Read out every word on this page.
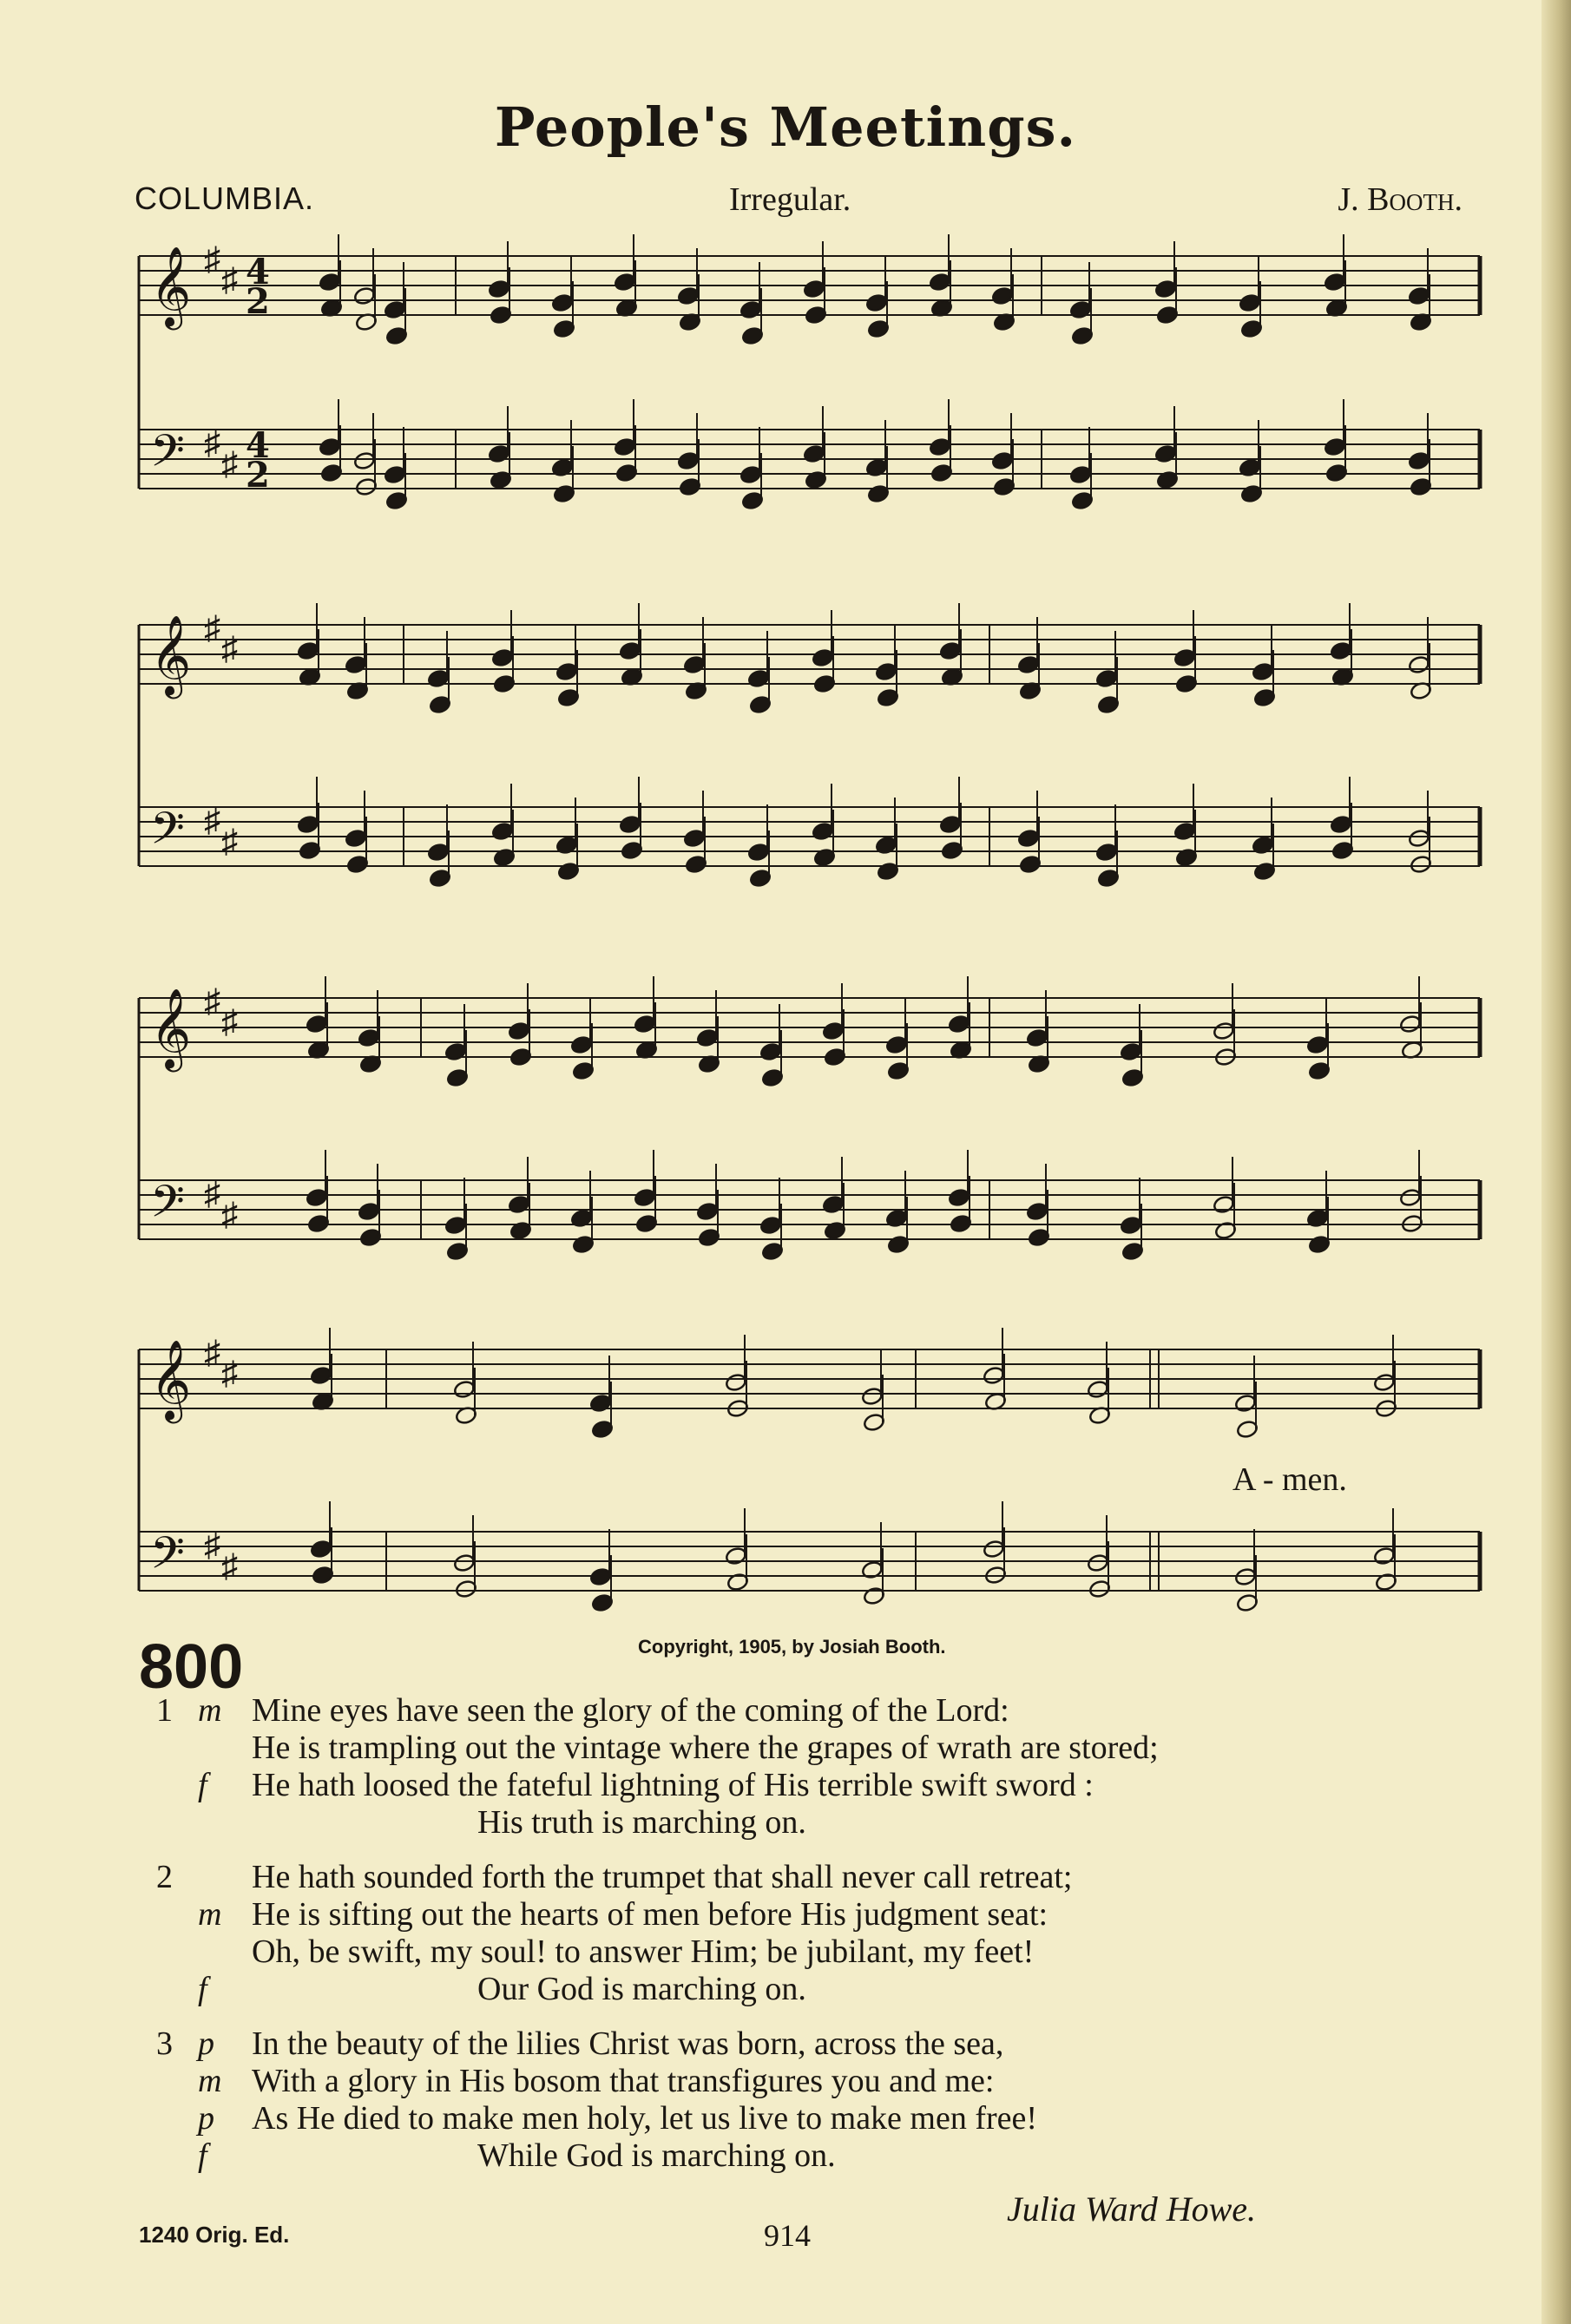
People's Meetings.
COLUMBIA.	Irregular.	J. Booth.
𝄞
𝄢
♯
♯
♯
♯
4
2
4
2
𝄞
𝄢
♯
♯
♯
♯
𝄞
𝄢
♯
♯
♯
♯
𝄞
𝄢
♯
♯
♯
♯
A - men.
800	Copyright, 1905, by Josiah Booth.
1 m Mine eyes have seen the glory of the coming of the Lord:
He is trampling out the vintage where the grapes of wrath are stored;
f He hath loosed the fateful lightning of His terrible swift sword :
His truth is marching on.
2 He hath sounded forth the trumpet that shall never call retreat;
m He is sifting out the hearts of men before His judgment seat:
Oh, be swift, my soul! to answer Him; be jubilant, my feet!
f	Our God is marching on.
3 p In the beauty of the lilies Christ was born, across the sea,
m With a glory in His bosom that transfigures you and me:
p As He died to make men holy, let us live to make men free!
f	While God is marching on.
Julia Ward Howe.
1240 Orig. Ed.	914
